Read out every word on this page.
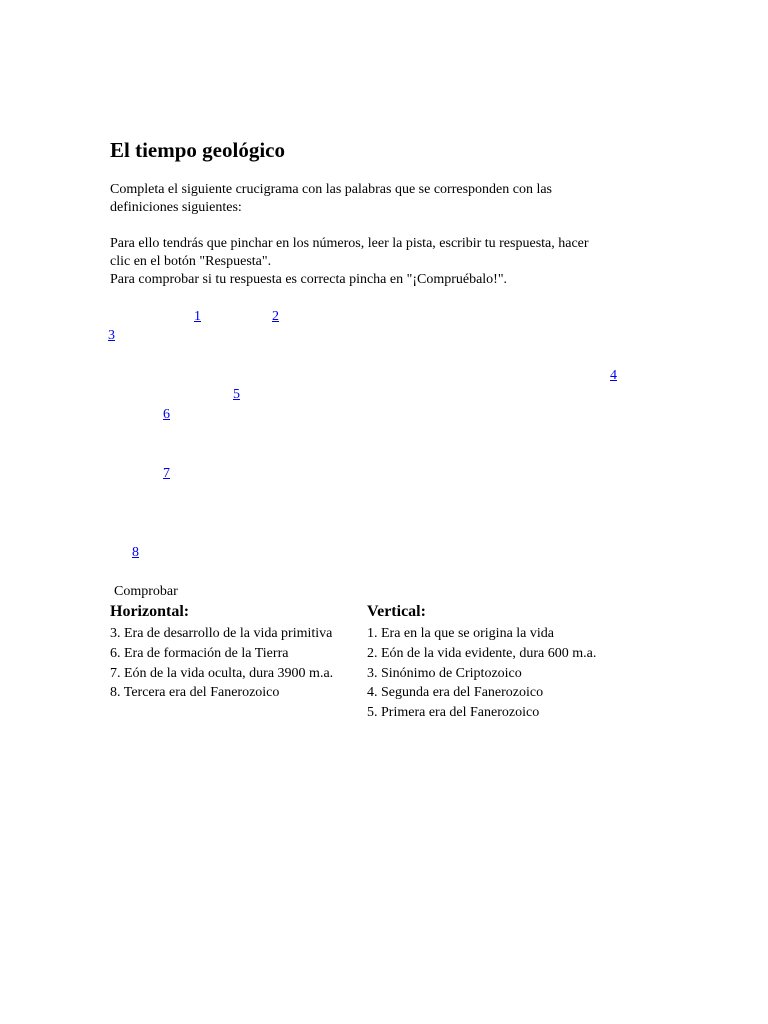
El tiempo geológico

Completa el siguiente crucigrama con las palabras que se corresponden con las
definiciones siguientes:

Para ello tendrás que pinchar en los números, leer la pista, escribir tu respuesta, hacer
clic en el botón "Respuesta".
Para comprobar si tu respuesta es correcta pincha en "¡Compruébalo!".

1	2
3
4
5
6
7
8
Comprobar
Horizontal:
3. Era de desarrollo de la vida primitiva
6. Era de formación de la Tierra
7. Eón de la vida oculta, dura 3900 m.a.
8. Tercera era del Fanerozoico
Vertical:
1. Era en la que se origina la vida
2. Eón de la vida evidente, dura 600 m.a.
3. Sinónimo de Criptozoico
4. Segunda era del Fanerozoico
5. Primera era del Fanerozoico
